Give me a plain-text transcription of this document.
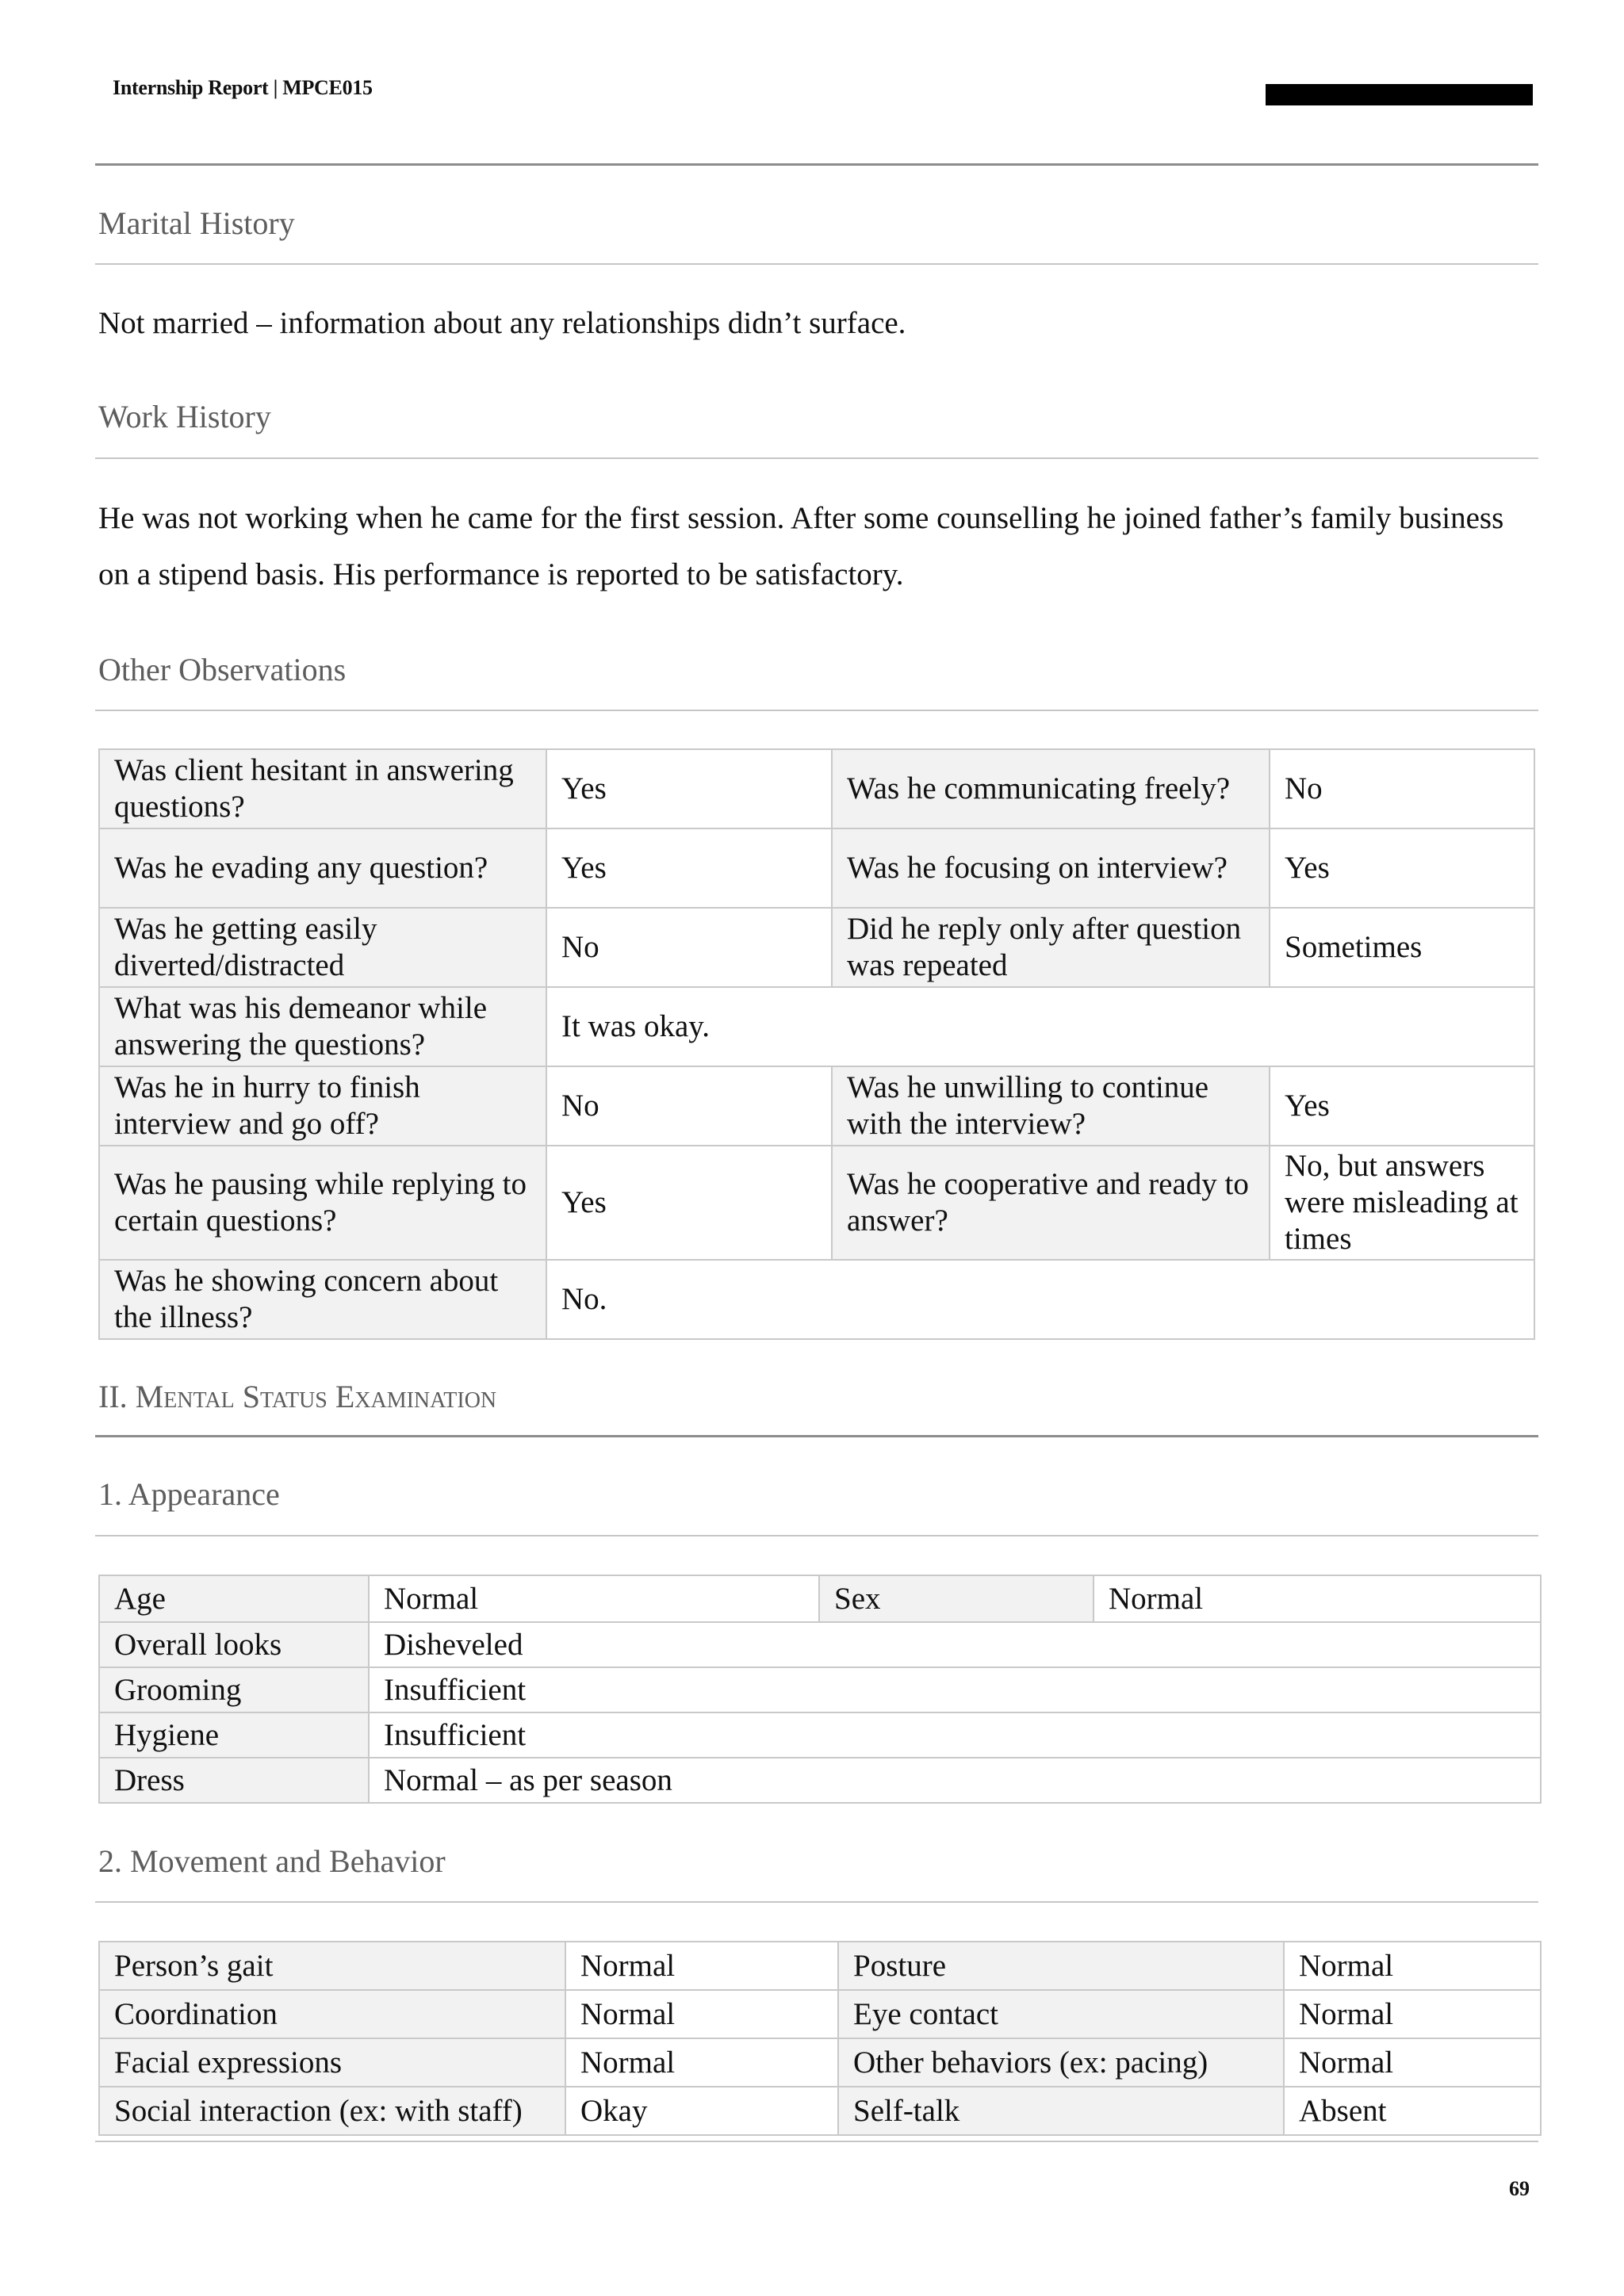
Internship Report | MPCE015
Marital History
Not married – information about any relationships didn’t surface.
Work History
He was not working when he came for the first session. After some counselling he joined father’s family business on a stipend basis. His performance is reported to be satisfactory.
Other Observations
Was client hesitant in answering questions?	Yes	Was he communicating freely?	No
Was he evading any question?	Yes	Was he focusing on interview?	Yes
Was he getting easily diverted/distracted	No	Did he reply only after question was repeated	Sometimes
What was his demeanor while answering the questions?	It was okay.		
Was he in hurry to finish interview and go off?	No	Was he unwilling to continue with the interview?	Yes
Was he pausing while replying to certain questions?	Yes	Was he cooperative and ready to answer?	No, but answers were misleading at times
Was he showing concern about the illness?	No.		
II. Mental Status Examination
1. Appearance
Age	Normal	Sex	Normal
Overall looks	Disheveled		
Grooming	Insufficient		
Hygiene	Insufficient		
Dress	Normal – as per season		
2. Movement and Behavior
Person’s gait	Normal	Posture	Normal
Coordination	Normal	Eye contact	Normal
Facial expressions	Normal	Other behaviors (ex: pacing)	Normal
Social interaction (ex: with staff)	Okay	Self-talk	Absent
69
